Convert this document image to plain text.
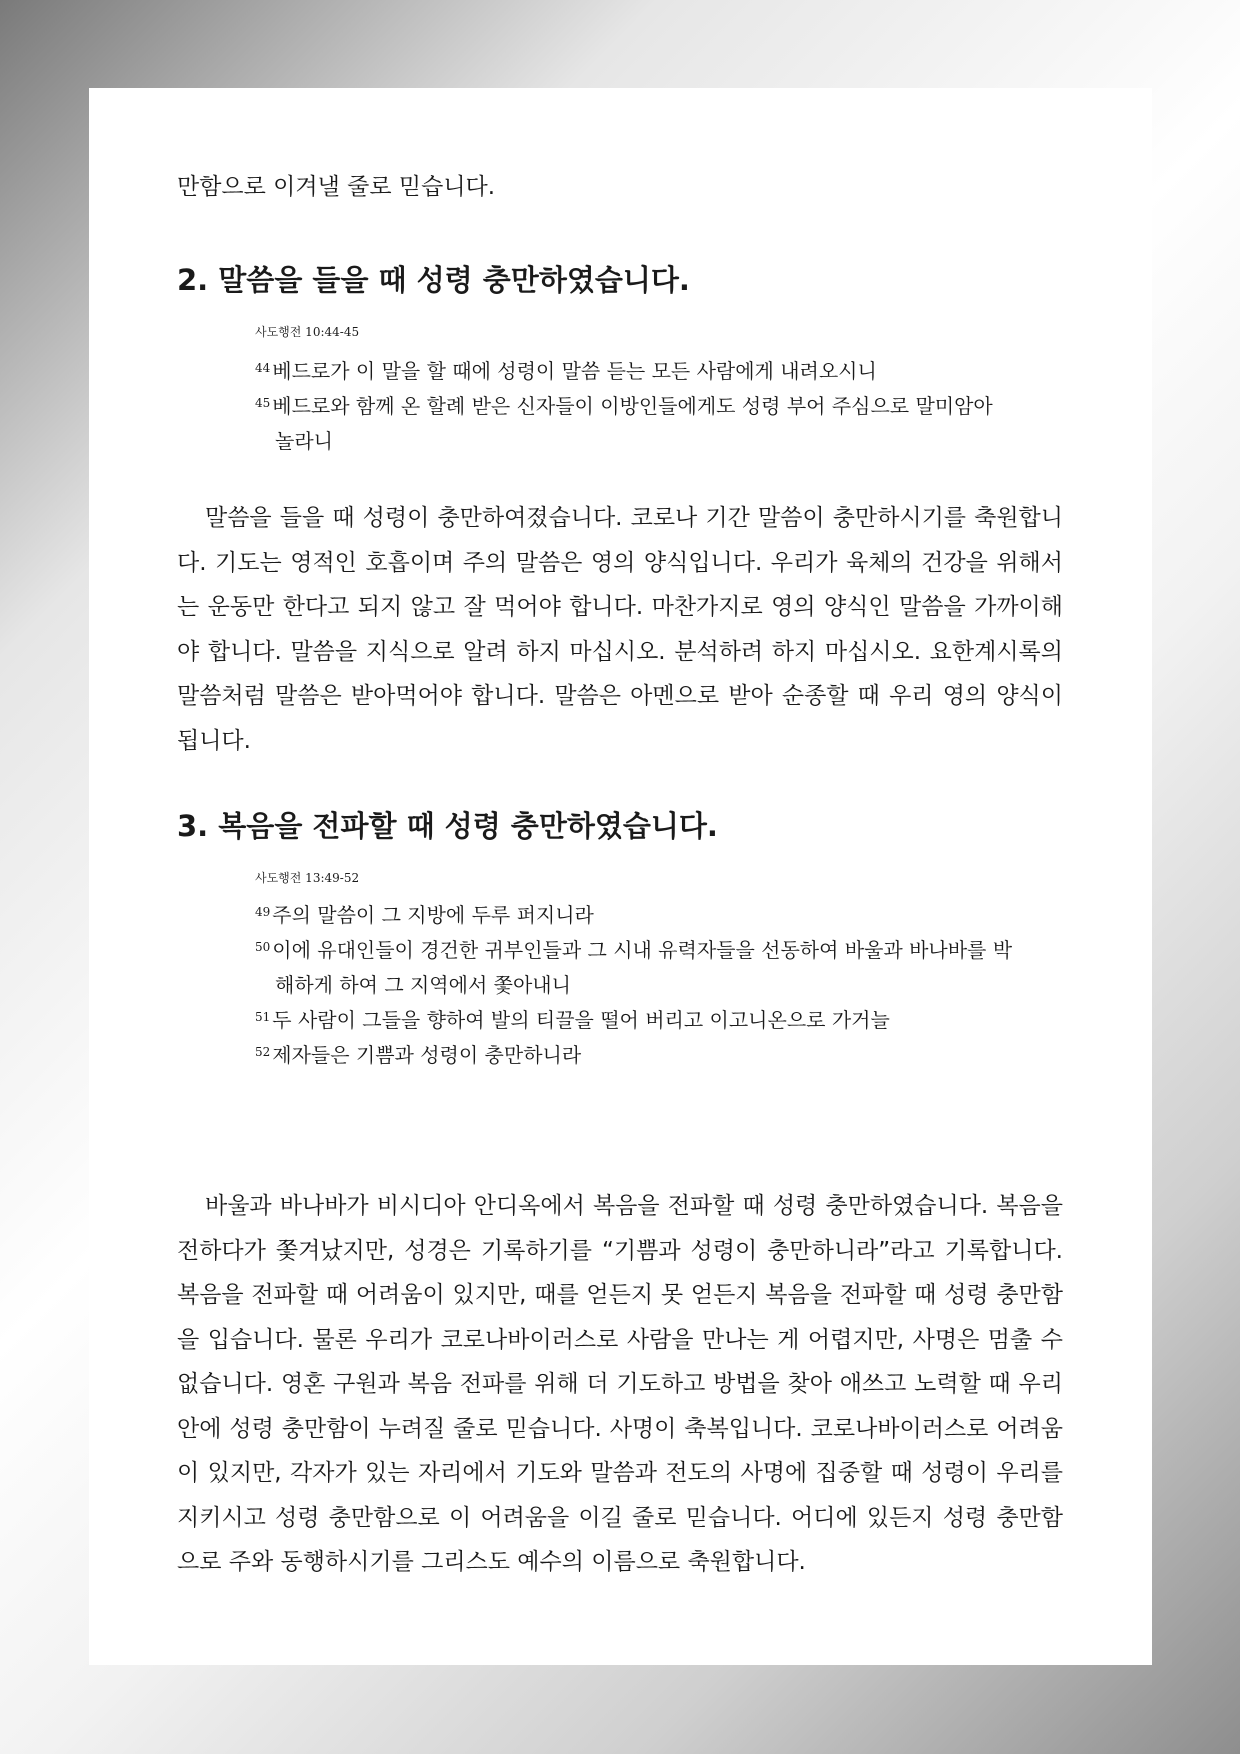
만함으로 이겨낼 줄로 믿습니다.
2. 말씀을 들을 때 성령 충만하였습니다.
사도행전 10:44-45
$^{44}$ 베드로가 이 말을 할 때에 성령이 말씀 듣는 모든 사람에게 내려오시니
$^{45}$ 베드로와 함께 온 할례 받은 신자들이 이방인들에게도 성령 부어 주심으로 말미암아 놀라니

말씀을 들을 때 성령이 충만하여졌습니다. 코로나 기간 말씀이 충만하시기를 축원합니다. 기도는 영적인 호흡이며 주의 말씀은 영의 양식입니다. 우리가 육체의 건강을 위해서는 운동만 한다고 되지 않고 잘 먹어야 합니다. 마찬가지로 영의 양식인 말씀을 가까이해야 합니다. 말씀을 지식으로 알려 하지 마십시오. 분석하려 하지 마십시오. 요한계시록의 말씀처럼 말씀은 받아먹어야 합니다. 말씀은 아멘으로 받아 순종할 때 우리 영의 양식이 됩니다.

3. 복음을 전파할 때 성령 충만하였습니다.
사도행전 13:49-52
$^{49}$ 주의 말씀이 그 지방에 두루 퍼지니라
$^{50}$ 이에 유대인들이 경건한 귀부인들과 그 시내 유력자들을 선동하여 바울과 바나바를 박해하게 하여 그 지역에서 쫓아내니
$^{51}$ 두 사람이 그들을 향하여 발의 티끌을 떨어 버리고 이고니온으로 가거늘
$^{52}$ 제자들은 기쁨과 성령이 충만하니라

바울과 바나바가 비시디아 안디옥에서 복음을 전파할 때 성령 충만하였습니다. 복음을 전하다가 쫓겨났지만, 성경은 기록하기를 “기쁨과 성령이 충만하니라”라고 기록합니다. 복음을 전파할 때 어려움이 있지만, 때를 얻든지 못 얻든지 복음을 전파할 때 성령 충만함을 입습니다. 물론 우리가 코로나바이러스로 사람을 만나는 게 어렵지만, 사명은 멈출 수 없습니다. 영혼 구원과 복음 전파를 위해 더 기도하고 방법을 찾아 애쓰고 노력할 때 우리 안에 성령 충만함이 누려질 줄로 믿습니다. 사명이 축복입니다. 코로나바이러스로 어려움이 있지만, 각자가 있는 자리에서 기도와 말씀과 전도의 사명에 집중할 때 성령이 우리를 지키시고 성령 충만함으로 이 어려움을 이길 줄로 믿습니다. 어디에 있든지 성령 충만함으로 주와 동행하시기를 그리스도 예수의 이름으로 축원합니다.
